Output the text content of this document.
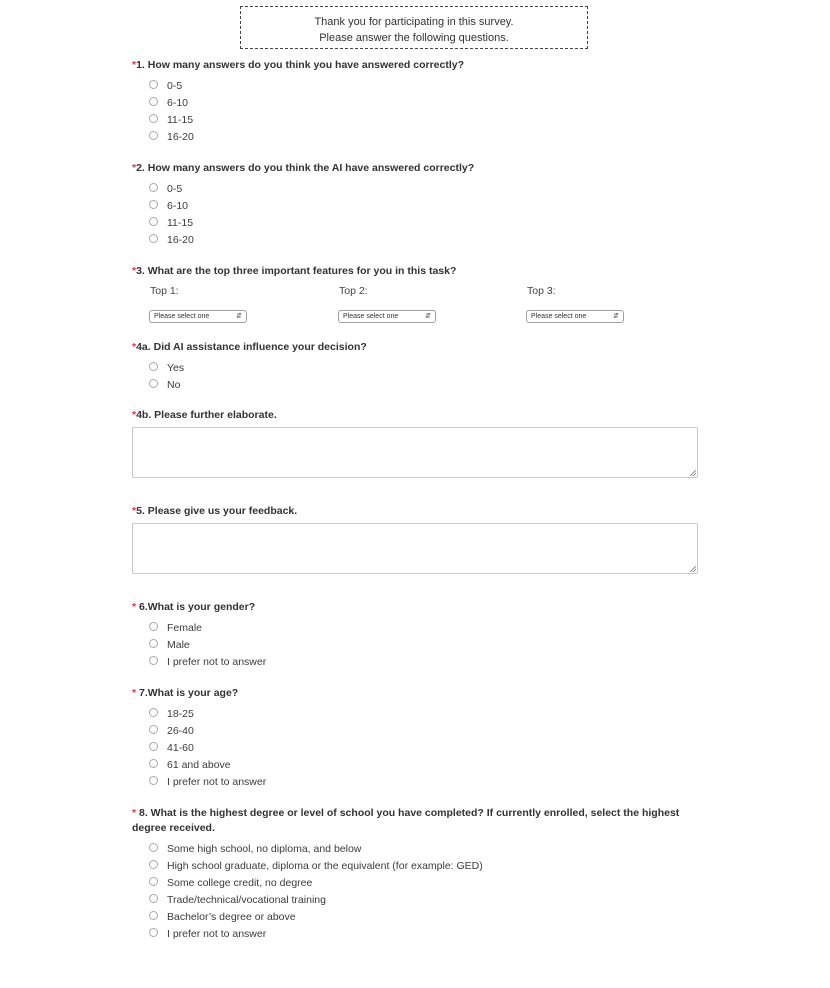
Thank you for participating in this survey.
Please answer the following questions.
*1. How many answers do you think you have answered correctly?
0-5
6-10
11-15
16-20
*2. How many answers do you think the AI have answered correctly?
0-5
6-10
11-15
16-20
*3. What are the top three important features for you in this task?
Top 1:	Top 2:	Top 3:
Please select one	⇵	Please select one	⇵	Please select one	⇵
*4a. Did AI assistance influence your decision?
Yes
No
*4b. Please further elaborate.
*5. Please give us your feedback.
* 6.What is your gender?
Female
Male
I prefer not to answer
* 7.What is your age?
18-25
26-40
41-60
61 and above
I prefer not to answer
* 8. What is the highest degree or level of school you have completed? If currently enrolled, select the highest degree received.
Some high school, no diploma, and below
High school graduate, diploma or the equivalent (for example: GED)
Some college credit, no degree
Trade/technical/vocational training
Bachelor’s degree or above
I prefer not to answer
